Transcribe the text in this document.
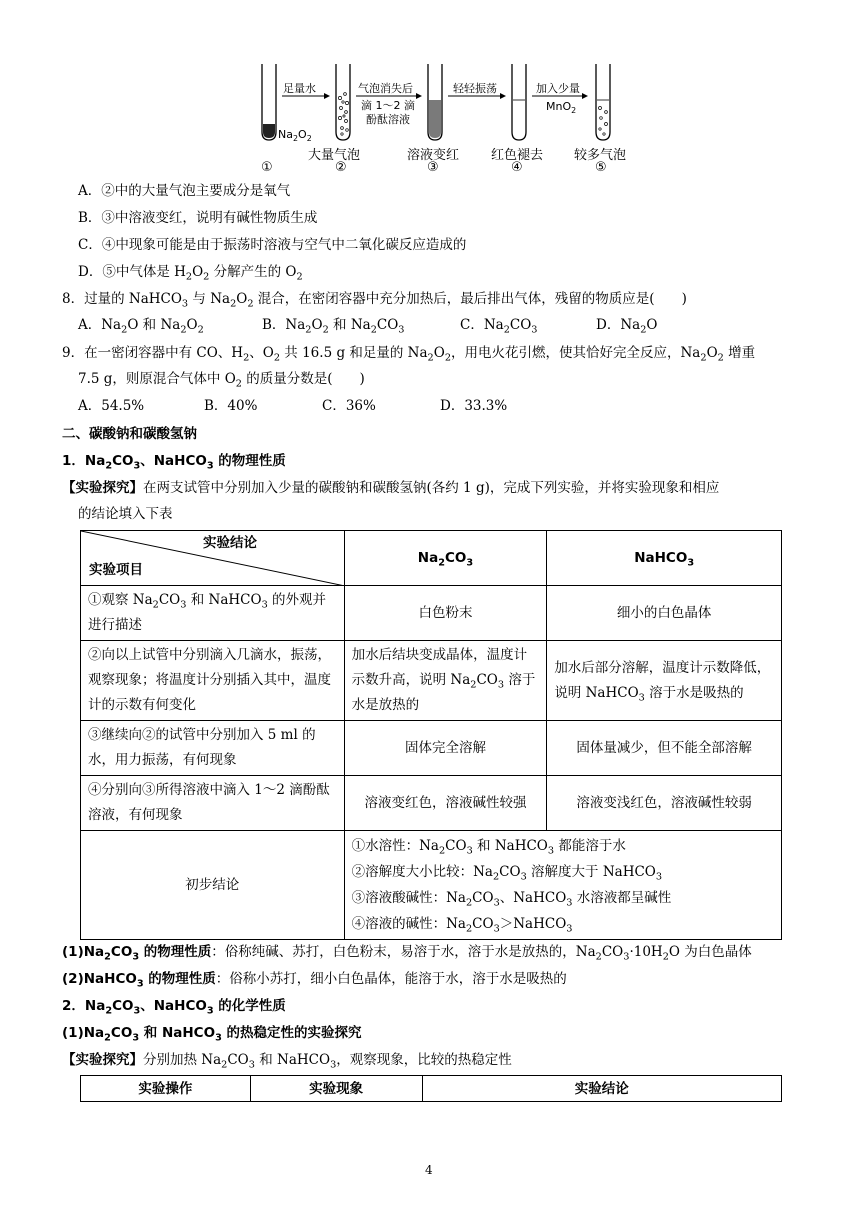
足量水	气泡消失后
滴 1～2 滴 酚酞溶液
轻轻振荡	加入少量
MnO$_2$
$Na_2O_2$
大量气泡	溶液变红 红色褪去 较多气泡
①	②	③	④	⑤
A．②中的大量气泡主要成分是氧气
B．③中溶液变红，说明有碱性物质生成
C．④中现象可能是由于振荡时溶液与空气中二氧化碳反应造成的
D．⑤中气体是 $H_2O_2$ 分解产生的 $O_2$
8．过量的 NaHCO$_3$ 与 $Na_2O_2$ 混合，在密闭容器中充分加热后，最后排出气体，残留的物质应是(　　)
A．$Na_2O$ 和 $Na_2O_2$	B．$Na_2O_2$ 和 $Na_2CO_3$	C．$Na_2CO_3$	D．$Na_2O$
9．在一密闭容器中有 CO、$H_2$、$O_2$ 共 16.5 g 和足量的 $Na_2O_2$，用电火花引燃，使其恰好完全反应，$Na_2O_2$ 增重
7.5 g，则原混合气体中 $O_2$ 的质量分数是(　　)
A．54.5%	B．40%	C．36%	D．33.3%
二、碳酸钠和碳酸氢钠
1．$Na_2CO_3$、NaHCO$_3$ 的物理性质
【实验探究】在两支试管中分别加入少量的碳酸钠和碳酸氢钠(各约 1 g)，完成下列实验，并将实验现象和相应
的结论填入下表
实验结论
实验项目	$Na_2CO_3$	NaHCO$_3$
①观察 $Na_2CO_3$ 和 NaHCO$_3$ 的外观并进行描述	白色粉末	细小的白色晶体
②向以上试管中分别滴入几滴水，振荡，观察现象；将温度计分别插入其中，温度计的示数有何变化	加水后结块变成晶体，温度计示数升高，说明 $Na_2CO_3$ 溶于水是放热的	加水后部分溶解，温度计示数降低，说明 NaHCO$_3$ 溶于水是吸热的
③继续向②的试管中分别加入 5 ml 的水，用力振荡，有何现象	固体完全溶解	固体量减少，但不能全部溶解
④分别向③所得溶液中滴入 1～2 滴酚酞溶液，有何现象	溶液变红色，溶液碱性较强	溶液变浅红色，溶液碱性较弱
初步结论	①水溶性：$Na_2CO_3$ 和 NaHCO$_3$ 都能溶于水
②溶解度大小比较：$Na_2CO_3$ 溶解度大于 NaHCO$_3$
③溶液酸碱性：$Na_2CO_3$、NaHCO$_3$ 水溶液都呈碱性
④溶液的碱性：$Na_2CO_3>NaHCO_3$
$(1)Na_2CO_3$ 的物理性质：俗称纯碱、苏打，白色粉末，易溶于水，溶于水是放热的，$Na_2CO_3\cdot 10H_2O$ 为白色晶体
(2)NaHCO$_3$ 的物理性质：俗称小苏打，细小白色晶体，能溶于水，溶于水是吸热的
2．$Na_2CO_3$、NaHCO$_3$ 的化学性质
$(1)Na_2CO_3$ 和 NaHCO$_3$ 的热稳定性的实验探究
【实验探究】分别加热 $Na_2CO_3$ 和 NaHCO$_3$，观察现象，比较的热稳定性
实验操作	实验现象	实验结论
4
